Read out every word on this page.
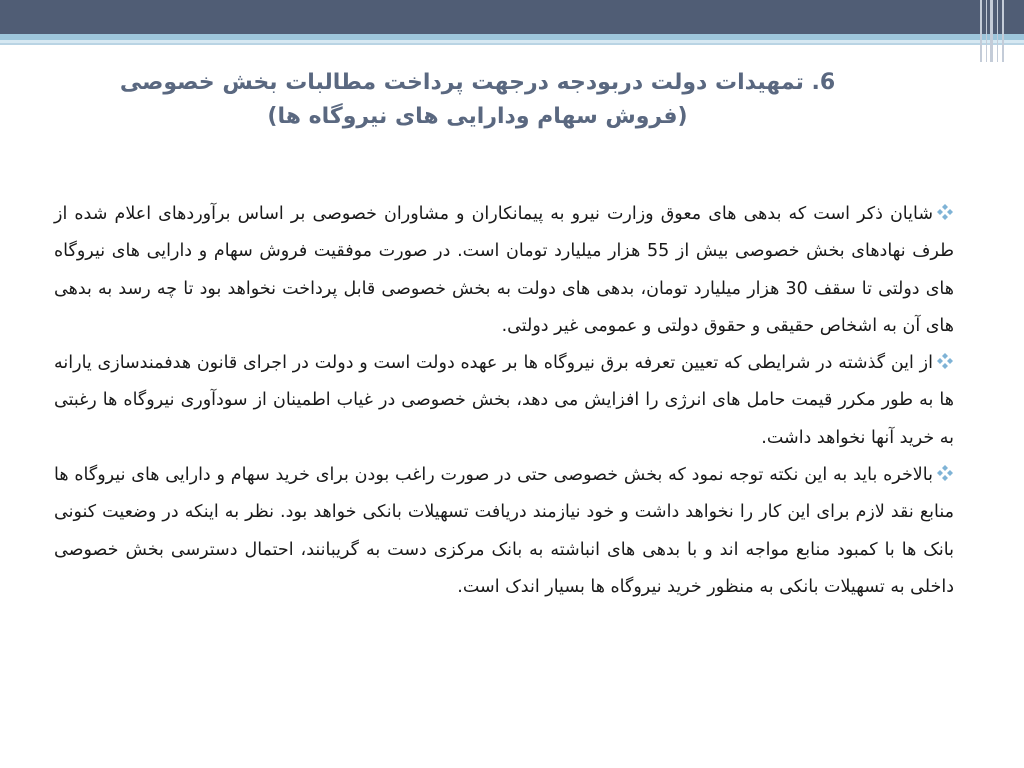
6. تمهیدات دولت دربودجه درجهت پرداخت مطالبات بخش خصوصی
(فروش سهام ودارایی های نیروگاه ها)

شایان ذکر است که بدهی های معوق وزارت نیرو به پیمانکاران و مشاوران خصوصی بر اساس برآوردهای اعلام شده از طرف نهادهای بخش خصوصی بیش از 55 هزار میلیارد تومان است. در صورت موفقیت فروش سهام و دارایی های نیروگاه های دولتی تا سقف 30 هزار میلیارد تومان، بدهی های دولت به بخش خصوصی قابل پرداخت نخواهد بود تا چه رسد به بدهی های آن به اشخاص حقیقی و حقوق دولتی و عمومی غیر دولتی.

از این گذشته در شرایطی که تعیین تعرفه برق نیروگاه ها بر عهده دولت است و دولت در اجرای قانون هدفمندسازی یارانه ها به طور مکرر قیمت حامل های انرژی را افزایش می دهد، بخش خصوصی در غیاب اطمینان از سودآوری نیروگاه ها رغبتی به خرید آنها نخواهد داشت.

بالاخره باید به این نکته توجه نمود که بخش خصوصی حتی در صورت راغب بودن برای خرید سهام و دارایی های نیروگاه ها منابع نقد لازم برای این کار را نخواهد داشت و خود نیازمند دریافت تسهیلات بانکی خواهد بود. نظر به اینکه در وضعیت کنونی بانک ها با کمبود منابع مواجه اند و با بدهی های انباشته به بانک مرکزی دست به گریبانند، احتمال دسترسی بخش خصوصی داخلی به تسهیلات بانکی به منظور خرید نیروگاه ها بسیار اندک است.
